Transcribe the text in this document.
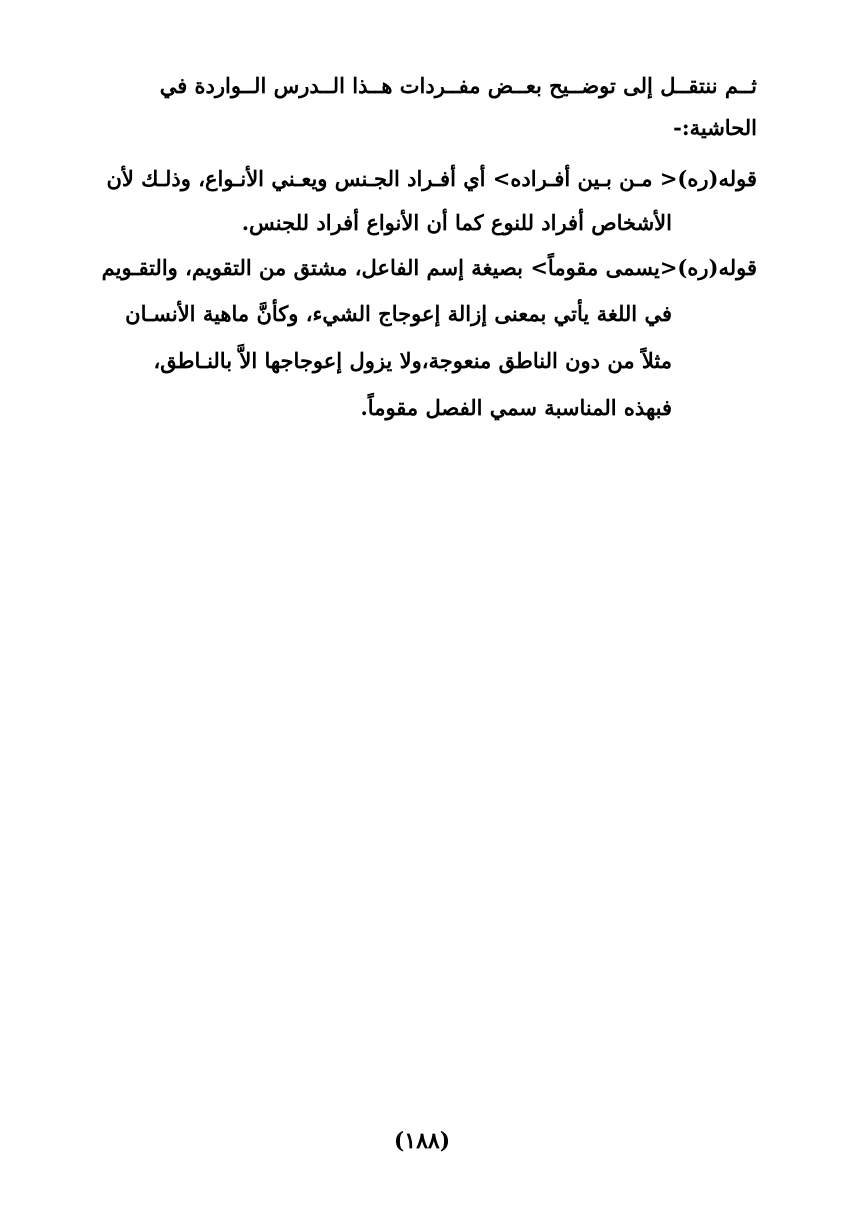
ثــم ننتقــل إلى توضــيح بعــض مفــردات هــذا الــدرس الــواردة في
الحاشية:-
قوله(ره)< مـن بـين أفـراده> أي أفـراد الجـنس ويعـني الأنـواع، وذلـك لأن
الأشخاص أفراد للنوع كما أن الأنواع أفراد للجنس.
قوله(ره)<يسمى مقوماً> بصيغة إسم الفاعل، مشتق من التقويم، والتقـويم
في اللغة يأتي بمعنى إزالة إعوجاج الشيء، وكأنَّ ماهية الأنسـان
مثلاً من دون الناطق منعوجة،ولا يزول إعوجاجها الاَّ بالنـاطق،
فبهذه المناسبة سمي الفصل مقوماً.
(١٨٨)
